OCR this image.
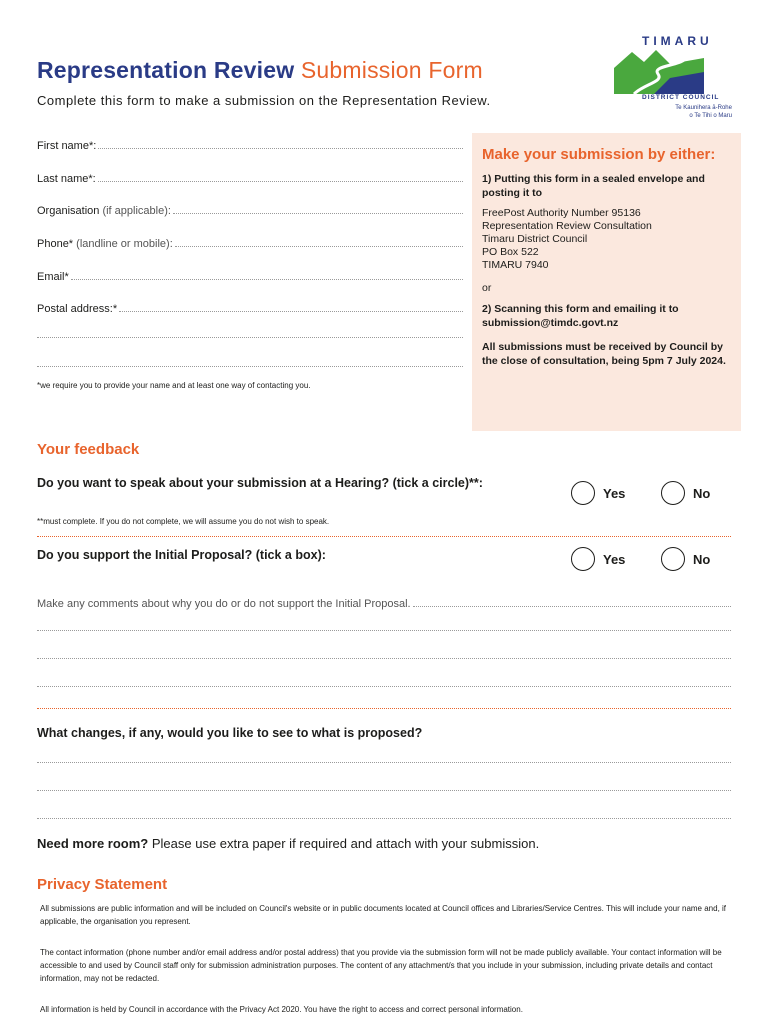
Representation Review Submission Form
Complete this form to make a submission on the Representation Review.
TIMARU
DISTRICT COUNCIL
Te Kaunihera ā-Rohe
o Te Tihi o Maru
First name*:
Last name*:
Organisation (if applicable):
Phone* (landline or mobile):
Email*
Postal address:*
*we require you to provide your name and at least one way of contacting you.
Make your submission by either:
1) Putting this form in a sealed envelope and posting it to
FreePost Authority Number 95136
Representation Review Consultation
Timaru District Council
PO Box 522
TIMARU 7940
or
2) Scanning this form and emailing it to submission@timdc.govt.nz
All submissions must be received by Council by the close of consultation, being 5pm 7 July 2024.
Your feedback
Do you want to speak about your submission at a Hearing? (tick a circle)**:
Yes	No
**must complete. If you do not complete, we will assume you do not wish to speak.
Do you support the Initial Proposal? (tick a box):	Yes	No
Make any comments about why you do or do not support the Initial Proposal.
What changes, if any, would you like to see to what is proposed?
Need more room? Please use extra paper if required and attach with your submission.
Privacy Statement
All submissions are public information and will be included on Council's website or in public documents located at Council offices and Libraries/Service Centres. This will include your name and, if applicable, the organisation you represent.
The contact information (phone number and/or email address and/or postal address) that you provide via the submission form will not be made publicly available. Your contact information will be accessible to and used by Council staff only for submission administration purposes. The content of any attachment/s that you include in your submission, including private details and contact information, may not be redacted.
All information is held by Council in accordance with the Privacy Act 2020. You have the right to access and correct personal information.
